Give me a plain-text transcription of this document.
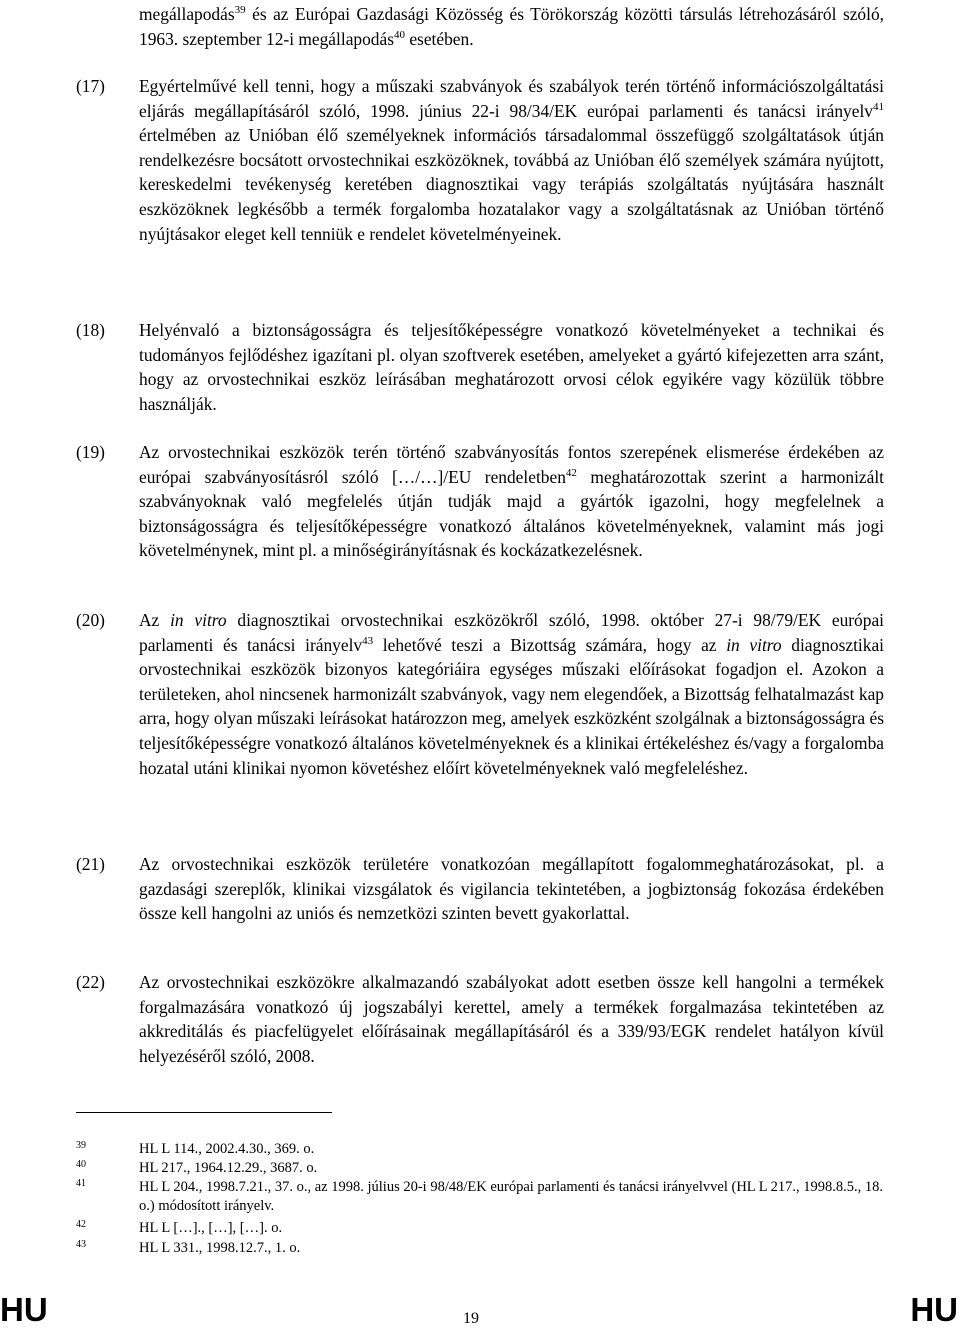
megállapodás$^{39}$ és az Európai Gazdasági Közösség és Törökország közötti társulás létrehozásáról szóló, 1963. szeptember 12-i megállapodás$^{40}$ esetében.
(17)	Egyértelművé kell tenni, hogy a műszaki szabványok és szabályok terén történő információszolgáltatási eljárás megállapításáról szóló, 1998. június 22-i 98/34/EK európai parlamenti és tanácsi irányelv$^{41}$ értelmében az Unióban élő személyeknek információs társadalommal összefüggő szolgáltatások útján rendelkezésre bocsátott orvostechnikai eszközöknek, továbbá az Unióban élő személyek számára nyújtott, kereskedelmi tevékenység keretében diagnosztikai vagy terápiás szolgáltatás nyújtására használt eszközöknek legkésőbb a termék forgalomba hozatalakor vagy a szolgáltatásnak az Unióban történő nyújtásakor eleget kell tenniük e rendelet követelményeinek.
(18)	Helyénvaló a biztonságosságra és teljesítőképességre vonatkozó követelményeket a technikai és tudományos fejlődéshez igazítani pl. olyan szoftverek esetében, amelyeket a gyártó kifejezetten arra szánt, hogy az orvostechnikai eszköz leírásában meghatározott orvosi célok egyikére vagy közülük többre használják.
(19)	Az orvostechnikai eszközök terén történő szabványosítás fontos szerepének elismerése érdekében az európai szabványosításról szóló […/…]/EU rendeletben$^{42}$ meghatározottak szerint a harmonizált szabványoknak való megfelelés útján tudják majd a gyártók igazolni, hogy megfelelnek a biztonságosságra és teljesítőképességre vonatkozó általános követelményeknek, valamint más jogi követelménynek, mint pl. a minőségirányításnak és kockázatkezelésnek.
(20)	Az in vitro diagnosztikai orvostechnikai eszközökről szóló, 1998. október 27-i 98/79/EK európai parlamenti és tanácsi irányelv$^{43}$ lehetővé teszi a Bizottság számára, hogy az in vitro diagnosztikai orvostechnikai eszközök bizonyos kategóriáira egységes műszaki előírásokat fogadjon el. Azokon a területeken, ahol nincsenek harmonizált szabványok, vagy nem elegendőek, a Bizottság felhatalmazást kap arra, hogy olyan műszaki leírásokat határozzon meg, amelyek eszközként szolgálnak a biztonságosságra és teljesítőképességre vonatkozó általános követelményeknek és a klinikai értékeléshez és/vagy a forgalomba hozatal utáni klinikai nyomon követéshez előírt követelményeknek való megfeleléshez.
(21)	Az orvostechnikai eszközök területére vonatkozóan megállapított fogalommeghatározásokat, pl. a gazdasági szereplők, klinikai vizsgálatok és vigilancia tekintetében, a jogbiztonság fokozása érdekében össze kell hangolni az uniós és nemzetközi szinten bevett gyakorlattal.
(22)	Az orvostechnikai eszközökre alkalmazandó szabályokat adott esetben össze kell hangolni a termékek forgalmazására vonatkozó új jogszabályi kerettel, amely a termékek forgalmazása tekintetében az akkreditálás és piacfelügyelet előírásainak megállapításáról és a 339/93/EGK rendelet hatályon kívül helyezéséről szóló, 2008.
39	HL L 114., 2002.4.30., 369. o.
40	HL 217., 1964.12.29., 3687. o.
41	HL L 204., 1998.7.21., 37. o., az 1998. július 20-i 98/48/EK európai parlamenti és tanácsi irányelvvel (HL L 217., 1998.8.5., 18. o.) módosított irányelv.
42	HL L […]., […], […]. o.
43	HL L 331., 1998.12.7., 1. o.
HU	19	HU
